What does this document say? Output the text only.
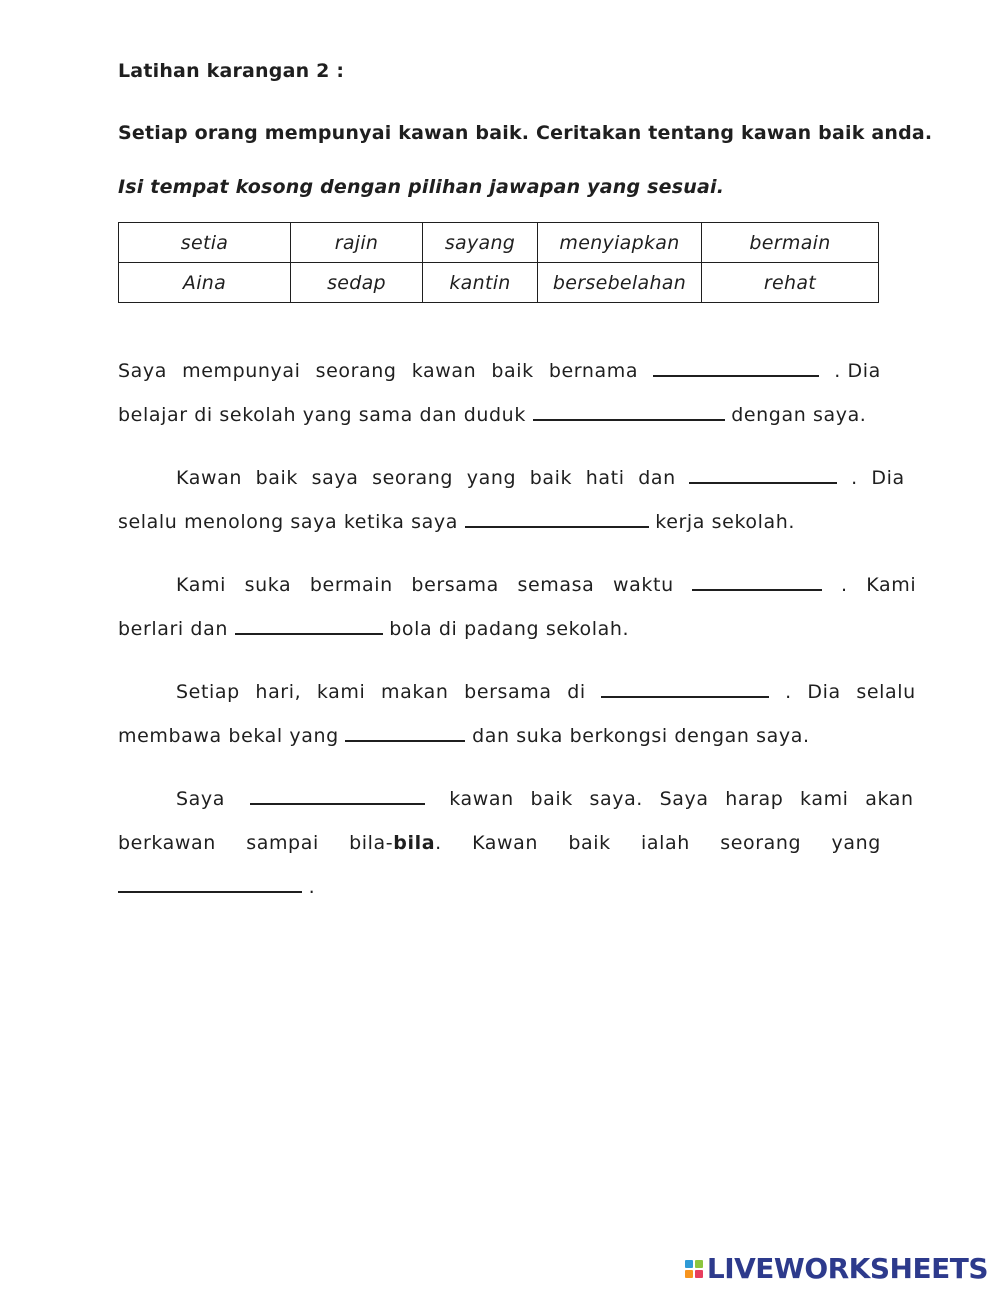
Latihan karangan 2 :
Setiap orang mempunyai kawan baik. Ceritakan tentang kawan baik anda.
Isi tempat kosong dengan pilihan jawapan yang sesuai.
setia	rajin	sayang	menyiapkan	bermain
Aina	sedap	kantin	bersebelahan	rehat
Saya mempunyai seorang kawan baik bernama	. Dia
belajar di sekolah yang sama dan duduk	dengan saya.
Kawan baik saya seorang yang baik hati dan	. Dia
selalu menolong saya ketika saya	kerja sekolah.
Kami suka bermain bersama semasa waktu	. Kami
berlari dan	bola di padang sekolah.
Setiap hari, kami makan bersama di	. Dia selalu
membawa bekal yang	dan suka berkongsi dengan saya.
Saya	kawan baik saya. Saya harap kami akan
berkawan sampai bila-bila. Kawan baik ialah seorang yang
.
LIVEWORKSHEETS
